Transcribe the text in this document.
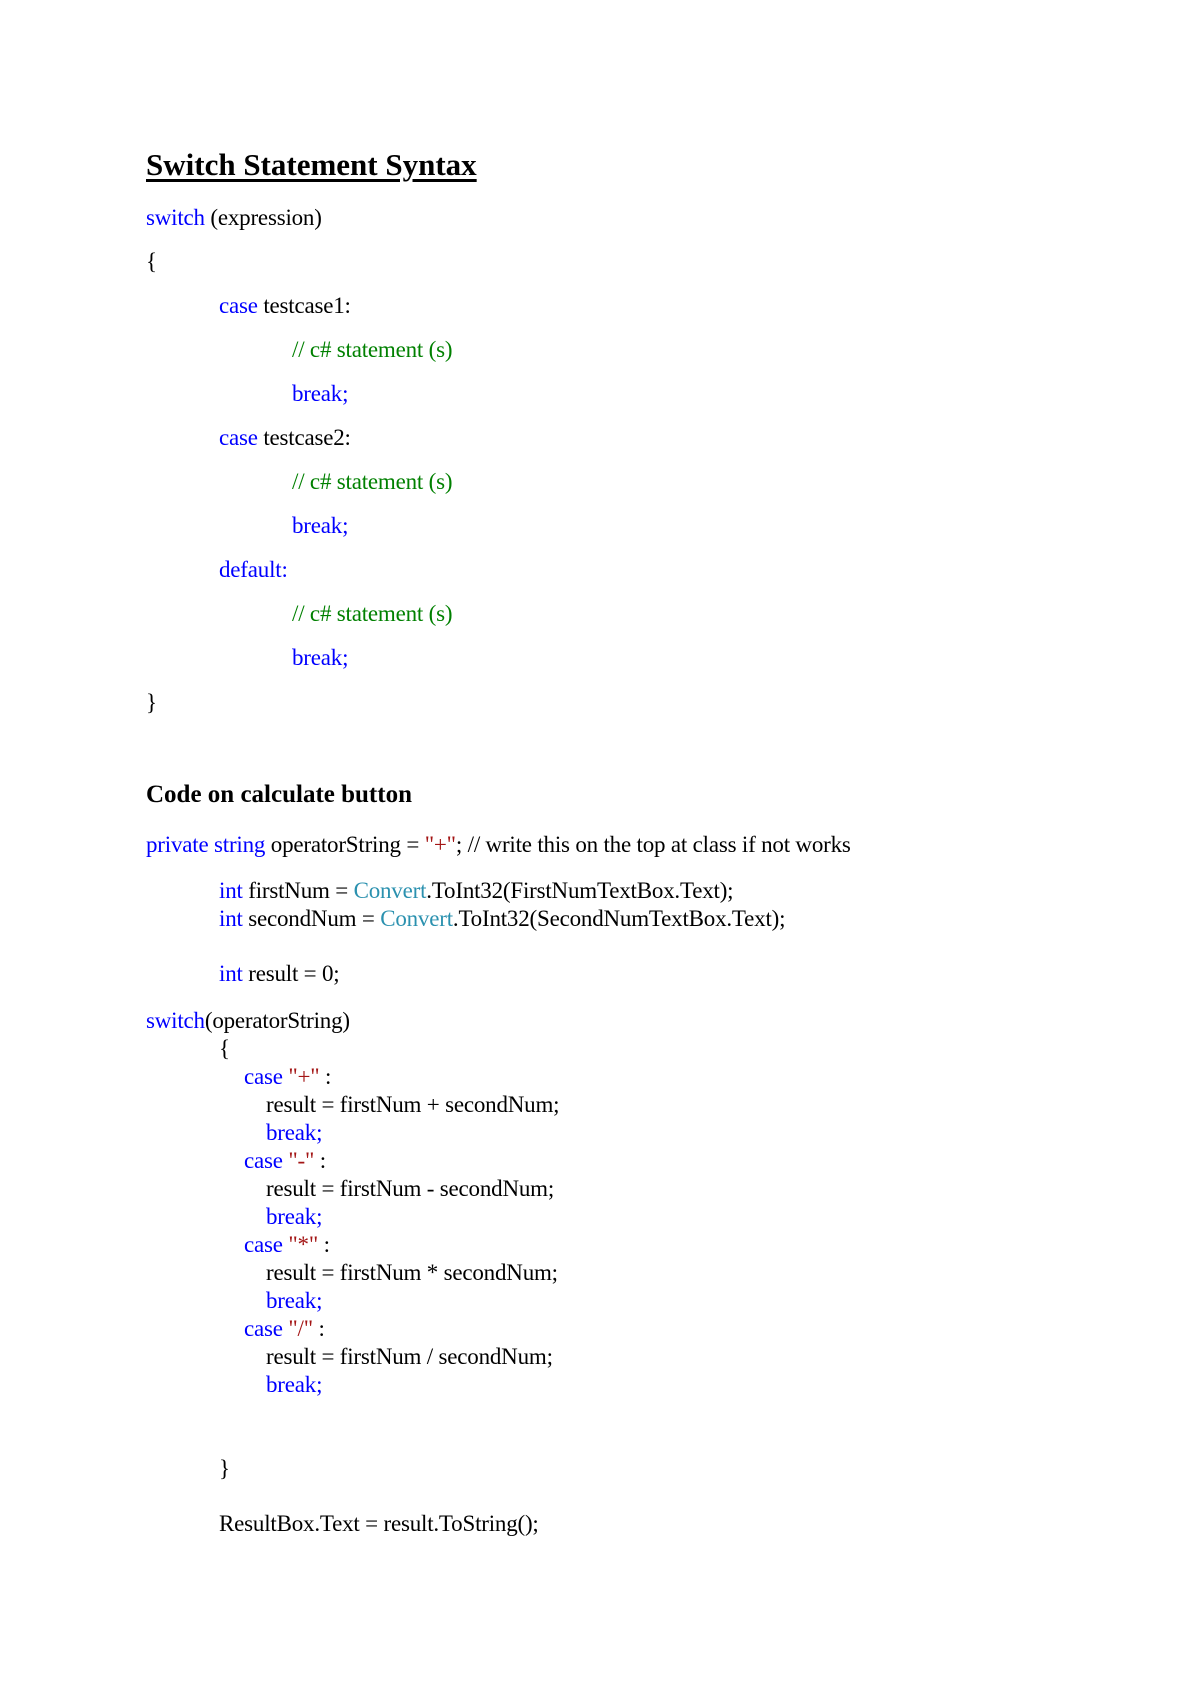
Switch Statement Syntax
switch (expression)
{
case testcase1:
// c# statement (s)
break;
case testcase2:
// c# statement (s)
break;
default:
// c# statement (s)
break;
}
Code on calculate button
private string operatorString = "+"; // write this on the top at class if not works
int firstNum = Convert.ToInt32(FirstNumTextBox.Text);
int secondNum = Convert.ToInt32(SecondNumTextBox.Text);
int result = 0;
switch(operatorString)
{
case "+" :
result = firstNum + secondNum;
break;
case "-" :
result = firstNum - secondNum;
break;
case "*" :
result = firstNum * secondNum;
break;
case "/" :
result = firstNum / secondNum;
break;
}
ResultBox.Text = result.ToString();
